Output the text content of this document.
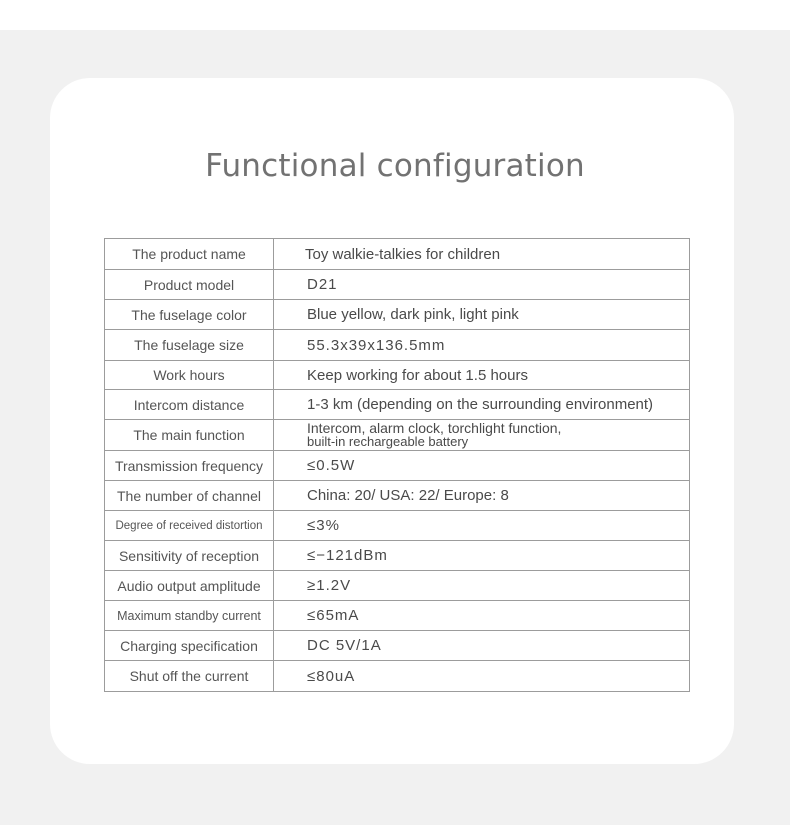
Functional configuration
The product name	Toy walkie-talkies for children
Product model	D21
The fuselage color	Blue yellow, dark pink, light pink
The fuselage size	55.3x39x136.5mm
Work hours	Keep working for about 1.5 hours
Intercom distance	1-3 km (depending on the surrounding environment)
The main function	Intercom, alarm clock, torchlight function,
built-in rechargeable battery

Transmission frequency	≤0.5W
The number of channel	China: 20/ USA: 22/ Europe: 8
Degree of received distortion	≤3%
Sensitivity of reception	≤−121dBm
Audio output amplitude	≥1.2V
Maximum standby current	≤65mA
Charging specification	DC 5V/1A
Shut off the current	≤80uA
